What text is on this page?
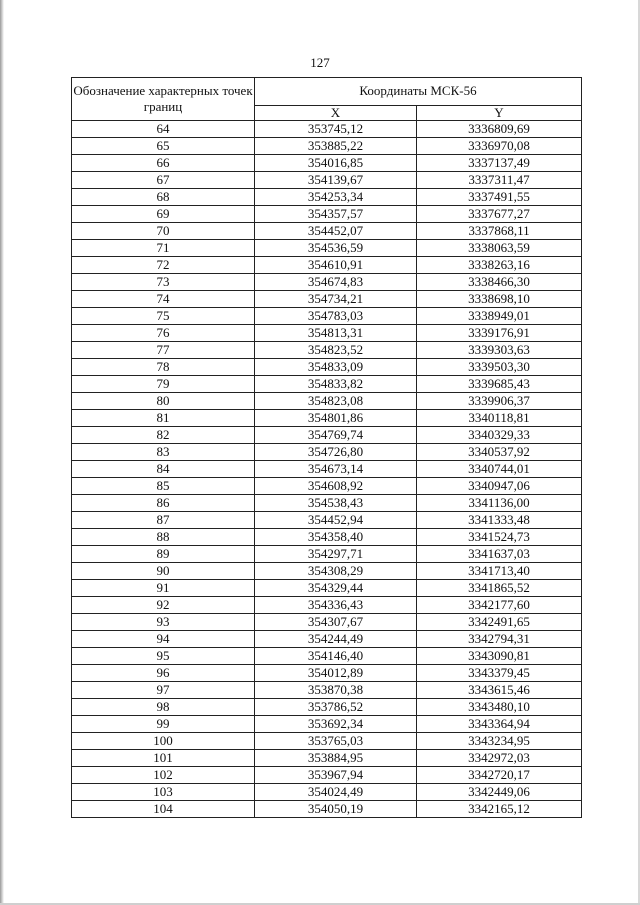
127
Обозначение характерных точек границ	Координаты МСК-56	
	X	Y
64	353745,12	3336809,69
65	353885,22	3336970,08
66	354016,85	3337137,49
67	354139,67	3337311,47
68	354253,34	3337491,55
69	354357,57	3337677,27
70	354452,07	3337868,11
71	354536,59	3338063,59
72	354610,91	3338263,16
73	354674,83	3338466,30
74	354734,21	3338698,10
75	354783,03	3338949,01
76	354813,31	3339176,91
77	354823,52	3339303,63
78	354833,09	3339503,30
79	354833,82	3339685,43
80	354823,08	3339906,37
81	354801,86	3340118,81
82	354769,74	3340329,33
83	354726,80	3340537,92
84	354673,14	3340744,01
85	354608,92	3340947,06
86	354538,43	3341136,00
87	354452,94	3341333,48
88	354358,40	3341524,73
89	354297,71	3341637,03
90	354308,29	3341713,40
91	354329,44	3341865,52
92	354336,43	3342177,60
93	354307,67	3342491,65
94	354244,49	3342794,31
95	354146,40	3343090,81
96	354012,89	3343379,45
97	353870,38	3343615,46
98	353786,52	3343480,10
99	353692,34	3343364,94
100	353765,03	3343234,95
101	353884,95	3342972,03
102	353967,94	3342720,17
103	354024,49	3342449,06
104	354050,19	3342165,12
